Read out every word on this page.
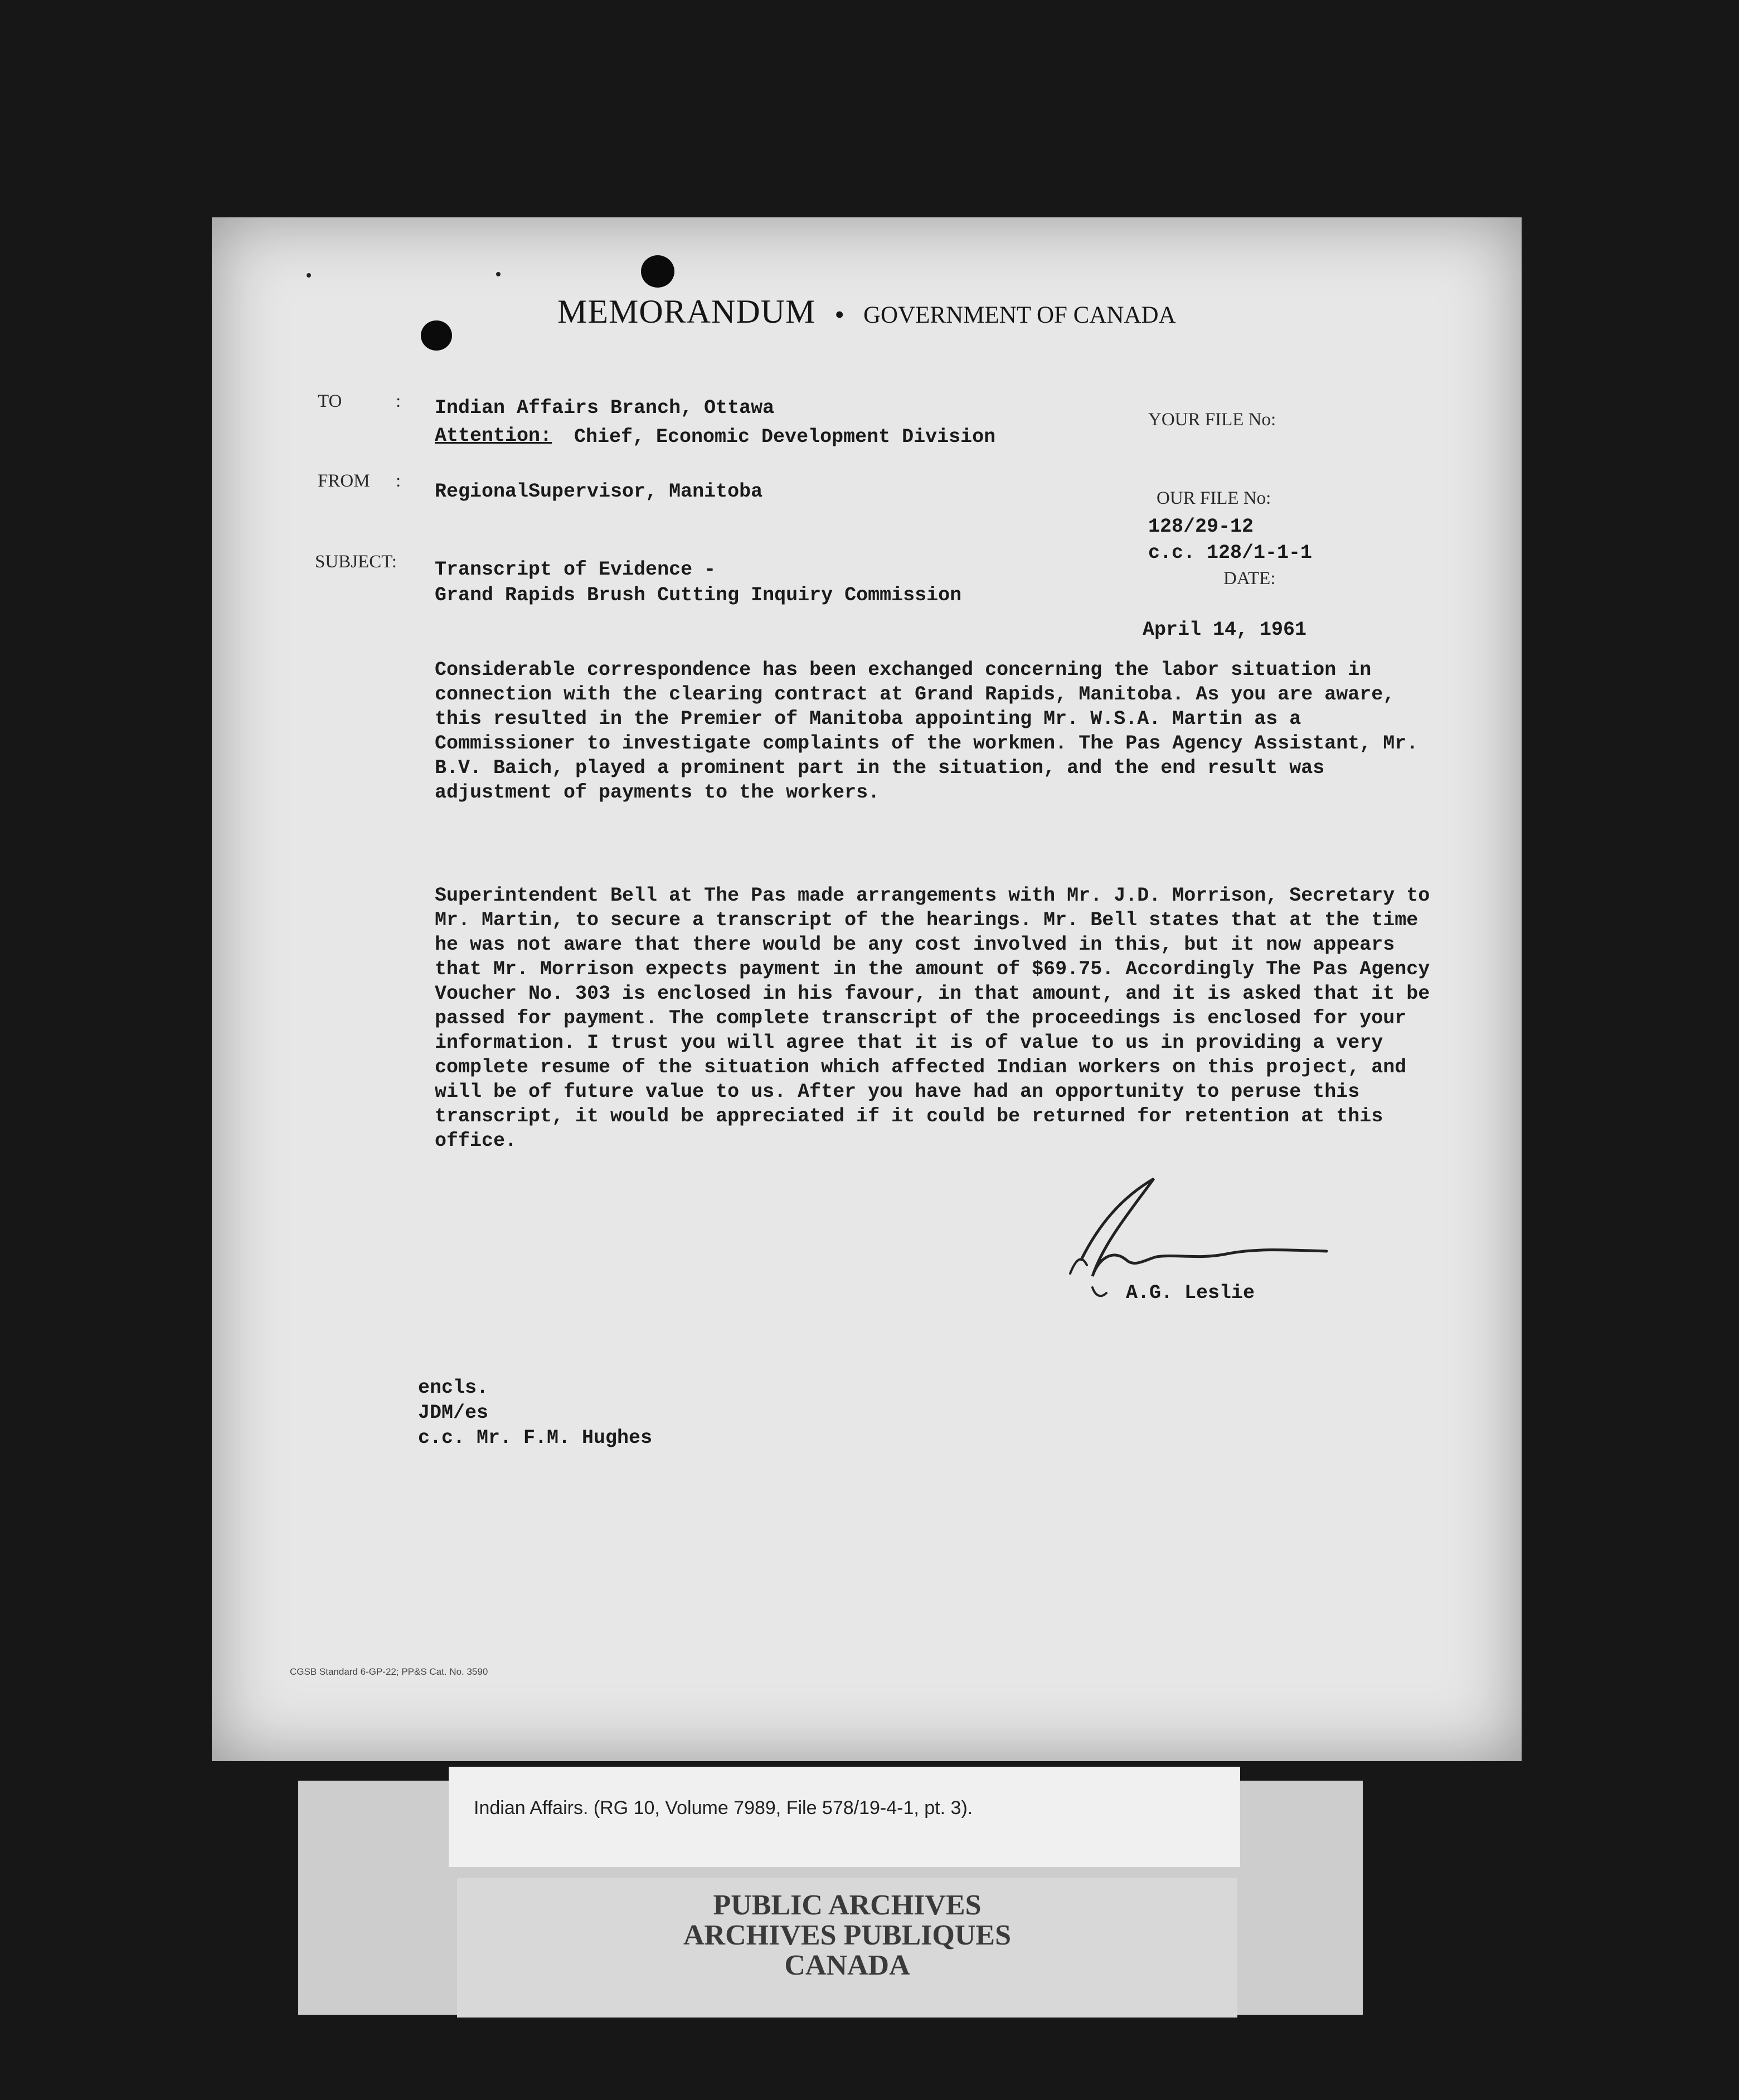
MEMORANDUM • GOVERNMENT OF CANADA
TO	:
FROM :
SUBJECT:
YOUR FILE No:
OUR FILE No:
DATE:
Indian Affairs Branch, Ottawa
Attention: Chief, Economic Development Division
RegionalSupervisor, Manitoba
Transcript of Evidence -
Grand Rapids Brush Cutting Inquiry Commission
128/29-12
c.c. 128/1-1-1
April 14, 1961

Considerable correspondence has been exchanged concerning the labor situation in connection with the clearing contract at Grand Rapids, Manitoba. As you are aware, this resulted in the Premier of Manitoba appointing Mr. W.S.A. Martin as a Commissioner to investigate complaints of the workmen. The Pas Agency Assistant, Mr. B.V. Baich, played a prominent part in the situation, and the end result was adjustment of payments to the workers.

Superintendent Bell at The Pas made arrangements with Mr. J.D. Morrison, Secretary to Mr. Martin, to secure a transcript of the hearings. Mr. Bell states that at the time he was not aware that there would be any cost involved in this, but it now appears that Mr. Morrison expects payment in the amount of $69.75. Accordingly The Pas Agency Voucher No. 303 is enclosed in his favour, in that amount, and it is asked that it be passed for payment. The complete transcript of the proceedings is enclosed for your information. I trust you will agree that it is of value to us in providing a very complete resume of the situation which affected Indian workers on this project, and will be of future value to us. After you have had an opportunity to peruse this transcript, it would be appreciated if it could be returned for retention at this office.

A.G. Leslie
encls.
JDM/es
c.c. Mr. F.M. Hughes
CGSB Standard 6-GP-22; PP&S Cat. No. 3590
Indian Affairs. (RG 10, Volume 7989, File 578/19-4-1, pt. 3).
PUBLIC ARCHIVES
ARCHIVES PUBLIQUES
CANADA
